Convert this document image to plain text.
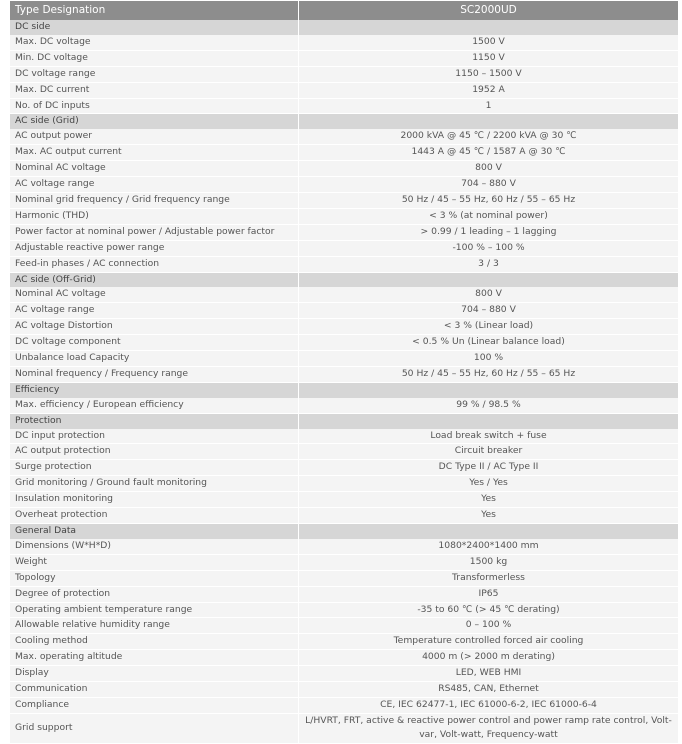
Type Designation	SC2000UD
DC side	
Max. DC voltage	1500 V
Min. DC voltage	1150 V
DC voltage range	1150 – 1500 V
Max. DC current	1952 A
No. of DC inputs	1
AC side (Grid)	
AC output power	2000 kVA @ 45 ℃ / 2200 kVA @ 30 ℃
Max. AC output current	1443 A @ 45 ℃ / 1587 A @ 30 ℃
Nominal AC voltage	800 V
AC voltage range	704 – 880 V
Nominal grid frequency / Grid frequency range	50 Hz / 45 – 55 Hz, 60 Hz / 55 – 65 Hz
Harmonic (THD)	< 3 % (at nominal power)
Power factor at nominal power / Adjustable power factor	> 0.99 / 1 leading – 1 lagging
Adjustable reactive power range	-100 % – 100 %
Feed-in phases / AC connection	3 / 3
AC side (Off-Grid)	
Nominal AC voltage	800 V
AC voltage range	704 – 880 V
AC voltage Distortion	< 3 % (Linear load)
DC voltage component	< 0.5 % Un (Linear balance load)
Unbalance load Capacity	100 %
Nominal frequency / Frequency range	50 Hz / 45 – 55 Hz, 60 Hz / 55 – 65 Hz
Efficiency	
Max. efficiency / European efficiency	99 % / 98.5 %
Protection	
DC input protection	Load break switch + fuse
AC output protection	Circuit breaker
Surge protection	DC Type II / AC Type II
Grid monitoring / Ground fault monitoring	Yes / Yes
Insulation monitoring	Yes
Overheat protection	Yes
General Data	
Dimensions (W*H*D)	1080*2400*1400 mm
Weight	1500 kg
Topology	Transformerless
Degree of protection	IP65
Operating ambient temperature range	-35 to 60 ℃ (> 45 ℃ derating)
Allowable relative humidity range	0 – 100 %
Cooling method	Temperature controlled forced air cooling
Max. operating altitude	4000 m (> 2000 m derating)
Display	LED, WEB HMI
Communication	RS485, CAN, Ethernet
Compliance	CE, IEC 62477-1, IEC 61000-6-2, IEC 61000-6-4
Grid support	L/HVRT, FRT, active & reactive power control and power ramp rate control, Volt-var, Volt-watt, Frequency-watt
